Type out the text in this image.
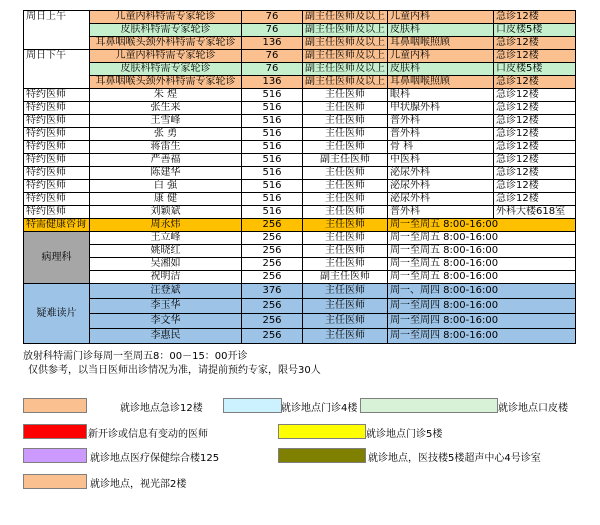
周日上午	儿童内科特需专家轮诊	76	副主任医师及以上	儿童内科	急诊12楼
	皮肤科特需专家轮诊	76	副主任医师及以上	皮肤科	口皮楼5楼
	耳鼻咽喉头颈外科特需专家轮诊	136	副主任医师及以上	耳鼻咽喉照顾	急诊12楼
周日下午	儿童内科特需专家轮诊	76	副主任医师及以上	儿童内科	急诊12楼
	皮肤科特需专家轮诊	76	副主任医师及以上	皮肤科	口皮楼5楼
	耳鼻咽喉头颈外科特需专家轮诊	136	副主任医师及以上	耳鼻咽喉照顾	急诊12楼
特约医师	朱 煌	516	主任医师	眼科	急诊12楼
特约医师	张生来	516	主任医师	甲状腺外科	急诊12楼
特约医师	王雪峰	516	主任医师	普外科	急诊12楼
特约医师	张 勇	516	主任医师	普外科	急诊12楼
特约医师	蒋雷生	516	主任医师	骨 科	急诊12楼
特约医师	严善福	516	副主任医师	中医科	急诊12楼
特约医师	陈建华	516	主任医师	泌尿外科	急诊12楼
特约医师	白 强	516	主任医师	泌尿外科	急诊12楼
特约医师	康 健	516	主任医师	泌尿外科	急诊12楼
特约医师	刘颖斌	516	主任医师	普外科	外科大楼618室
特需健康咨询	周永炜	256	主任医师	周一至周五 8:00-16:00	
病理科	王立峰	256	主任医师	周一至周五 8:00-16:00	
	姚晓红	256	主任医师	周一至周五 8:00-16:00	
	吴湘如	256	主任医师	周一至周五 8:00-16:00	
	祝明洁	256	副主任医师	周一至周五 8:00-16:00	
疑难读片	汪登斌	376	主任医师	周一、周四 8:00-16:00	
	李玉华	256	主任医师	周一至周四 8:00-16:00	
	李文华	256	主任医师	周一至周四 8:00-16:00	
	李惠民	256	主任医师	周一至周四 8:00-16:00	
放射科特需门诊每周一至周五8：00－15：00开诊
仅供参考，以当日医师出诊情况为准，请提前预约专家，限号30人
就诊地点急诊12楼	就诊地点门诊4楼	就诊地点口皮楼
新开诊或信息有变动的医师	就诊地点门诊5楼
就诊地点医疗保健综合楼125	就诊地点，医技楼5楼超声中心4号诊室
就诊地点，视光部2楼
